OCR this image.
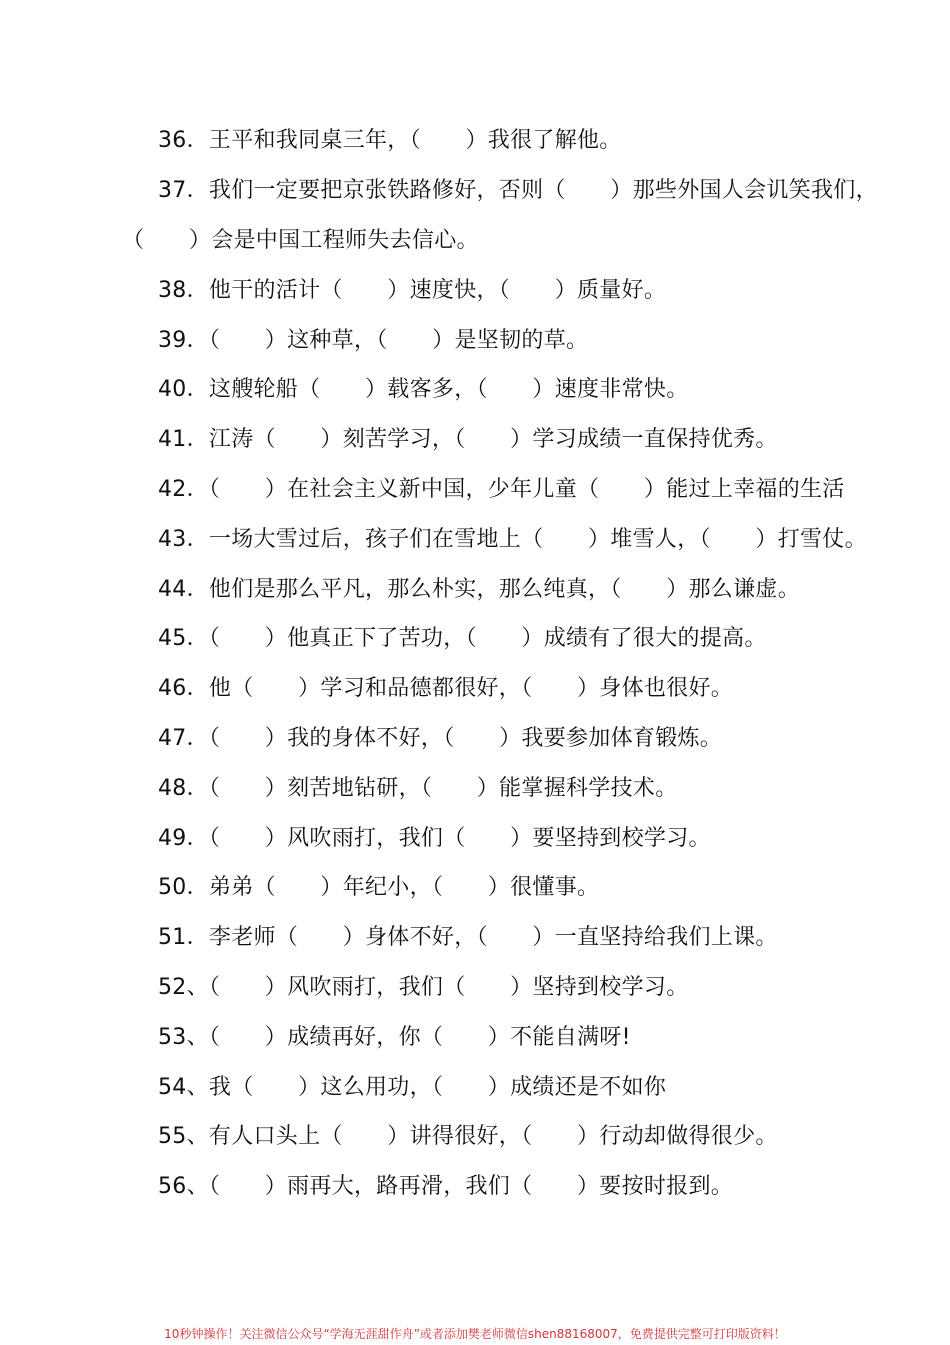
36．王平和我同桌三年，（　　）我很了解他。
37．我们一定要把京张铁路修好，否则（　　）那些外国人会讥笑我们，
（　　）会是中国工程师失去信心。
38．他干的活计（　　）速度快，（　　）质量好。
39．（　　）这种草，（　　）是坚韧的草。
40．这艘轮船（　　）载客多，（　　）速度非常快。
41．江涛（　　）刻苦学习，（　　）学习成绩一直保持优秀。
42．（　　）在社会主义新中国，少年儿童（　　）能过上幸福的生活
43．一场大雪过后，孩子们在雪地上（　　）堆雪人，（　　）打雪仗。
44．他们是那么平凡，那么朴实，那么纯真，（　　）那么谦虚。
45．（　　）他真正下了苦功，（　　）成绩有了很大的提高。
46．他（　　）学习和品德都很好，（　　）身体也很好。
47．（　　）我的身体不好，（　　）我要参加体育锻炼。
48．（　　）刻苦地钻研，（　　）能掌握科学技术。
49．（　　）风吹雨打，我们（　　）要坚持到校学习。
50．弟弟（　　）年纪小，（　　）很懂事。
51．李老师（　　）身体不好，（　　）一直坚持给我们上课。
52、（　　）风吹雨打，我们（　　）坚持到校学习。
53、（　　）成绩再好，你（　　）不能自满呀!
54、我（　　）这么用功，（　　）成绩还是不如你
55、有人口头上（　　）讲得很好，（　　）行动却做得很少。
56、（　　）雨再大，路再滑，我们（　　）要按时报到。
10秒钟操作！关注微信公众号“学海无涯甜作舟”或者添加樊老师微信shen88168007，免费提供完整可打印版资料！
